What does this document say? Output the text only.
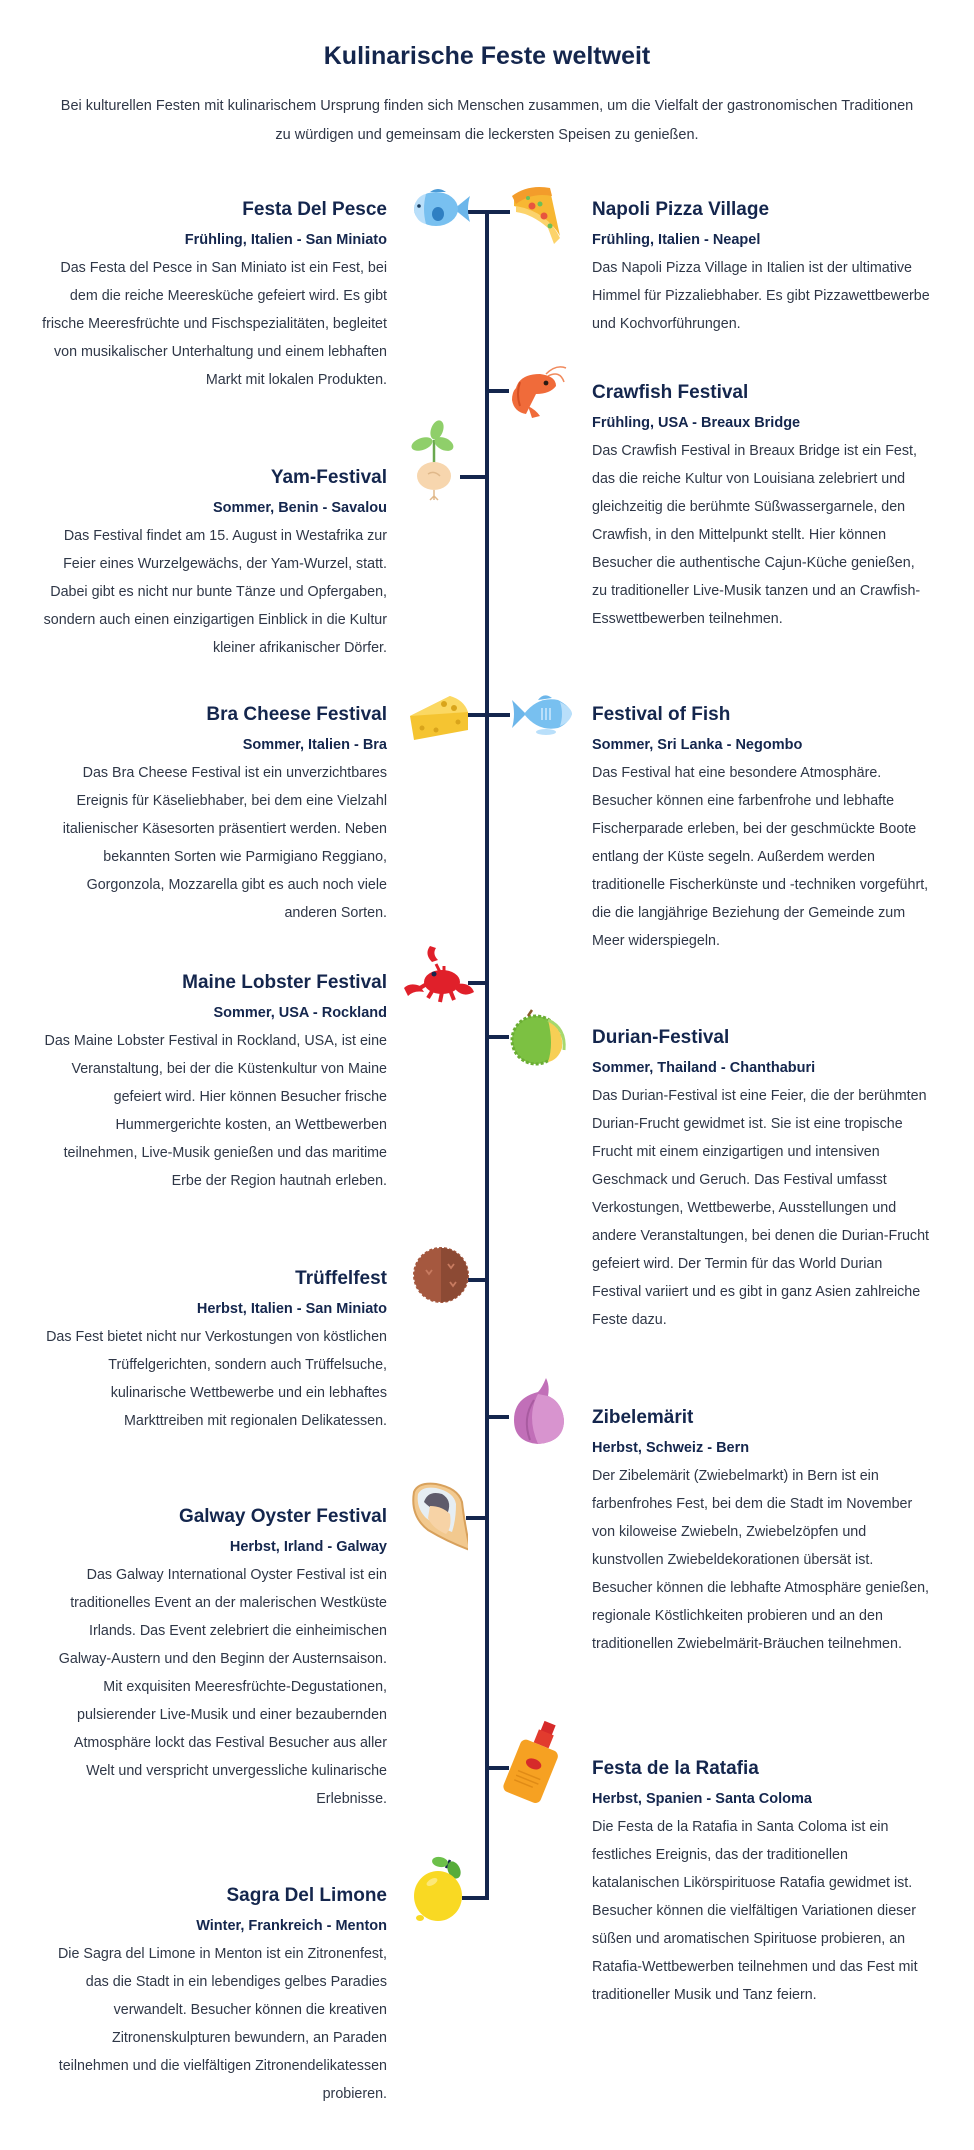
Kulinarische Feste weltweit

Bei kulturellen Festen mit kulinarischem Ursprung finden sich Menschen zusammen, um die Vielfalt der gastronomischen Traditionen zu würdigen und gemeinsam die leckersten Speisen zu genießen.

Festa Del Pesce
Frühling, Italien - San Miniato

Das Festa del Pesce in San Miniato ist ein Fest, bei dem die reiche Meeresküche gefeiert wird. Es gibt frische Meeresfrüchte und Fischspezialitäten, begleitet von musikalischer Unterhaltung und einem lebhaften Markt mit lokalen Produkten.

Napoli Pizza Village
Frühling, Italien - Neapel

Das Napoli Pizza Village in Italien ist der ultimative Himmel für Pizzaliebhaber. Es gibt Pizzawettbewerbe und Kochvorführungen.

Crawfish Festival
Frühling, USA - Breaux Bridge

Das Crawfish Festival in Breaux Bridge ist ein Fest, das die reiche Kultur von Louisiana zelebriert und gleichzeitig die berühmte Süßwassergarnele, den Crawfish, in den Mittelpunkt stellt. Hier können Besucher die authentische Cajun-Küche genießen, zu traditioneller Live-Musik tanzen und an Crawfish-Esswettbewerben teilnehmen.

Yam-Festival
Sommer, Benin - Savalou

Das Festival findet am 15. August in Westafrika zur Feier eines Wurzelgewächs, der Yam-Wurzel, statt. Dabei gibt es nicht nur bunte Tänze und Opfergaben, sondern auch einen einzigartigen Einblick in die Kultur kleiner afrikanischer Dörfer.

Bra Cheese Festival
Sommer, Italien - Bra

Das Bra Cheese Festival ist ein unverzichtbares Ereignis für Käseliebhaber, bei dem eine Vielzahl italienischer Käsesorten präsentiert werden. Neben bekannten Sorten wie Parmigiano Reggiano, Gorgonzola, Mozzarella gibt es auch noch viele anderen Sorten.

Festival of Fish
Sommer, Sri Lanka - Negombo

Das Festival hat eine besondere Atmosphäre. Besucher können eine farbenfrohe und lebhafte Fischerparade erleben, bei der geschmückte Boote entlang der Küste segeln. Außerdem werden traditionelle Fischerkünste und -techniken vorgeführt, die die langjährige Beziehung der Gemeinde zum Meer widerspiegeln.

Maine Lobster Festival
Sommer, USA - Rockland

Das Maine Lobster Festival in Rockland, USA, ist eine Veranstaltung, bei der die Küstenkultur von Maine gefeiert wird. Hier können Besucher frische Hummergerichte kosten, an Wettbewerben teilnehmen, Live-Musik genießen und das maritime Erbe der Region hautnah erleben.

Durian-Festival
Sommer, Thailand - Chanthaburi

Das Durian-Festival ist eine Feier, die der berühmten Durian-Frucht gewidmet ist. Sie ist eine tropische Frucht mit einem einzigartigen und intensiven Geschmack und Geruch. Das Festival umfasst Verkostungen, Wettbewerbe, Ausstellungen und andere Veranstaltungen, bei denen die Durian-Frucht gefeiert wird. Der Termin für das World Durian Festival variiert und es gibt in ganz Asien zahlreiche Feste dazu.

Trüffelfest
Herbst, Italien - San Miniato

Das Fest bietet nicht nur Verkostungen von köstlichen Trüffelgerichten, sondern auch Trüffelsuche, kulinarische Wettbewerbe und ein lebhaftes Markttreiben mit regionalen Delikatessen.	Zibelemärit
Herbst, Schweiz - Bern

Der Zibelemärit (Zwiebelmarkt) in Bern ist ein farbenfrohes Fest, bei dem die Stadt im November von kiloweise Zwiebeln, Zwiebelzöpfen und kunstvollen Zwiebeldekorationen übersät ist. Besucher können die lebhafte Atmosphäre genießen, regionale Köstlichkeiten probieren und an den traditionellen Zwiebelmärit-Bräuchen teilnehmen.

Galway Oyster Festival
Herbst, Irland - Galway

Das Galway International Oyster Festival ist ein traditionelles Event an der malerischen Westküste Irlands. Das Event zelebriert die einheimischen Galway-Austern und den Beginn der Austernsaison. Mit exquisiten Meeresfrüchte-Degustationen, pulsierender Live-Musik und einer bezaubernden Atmosphäre lockt das Festival Besucher aus aller Welt und verspricht unvergessliche kulinarische Erlebnisse.

Festa de la Ratafia
Herbst, Spanien - Santa Coloma

Die Festa de la Ratafia in Santa Coloma ist ein festliches Ereignis, das der traditionellen katalanischen Likörspirituose Ratafia gewidmet ist. Besucher können die vielfältigen Variationen dieser süßen und aromatischen Spirituose probieren, an Ratafia-Wettbewerben teilnehmen und das Fest mit traditioneller Musik und Tanz feiern.

Sagra Del Limone
Winter, Frankreich - Menton

Die Sagra del Limone in Menton ist ein Zitronenfest, das die Stadt in ein lebendiges gelbes Paradies verwandelt. Besucher können die kreativen Zitronenskulpturen bewundern, an Paraden teilnehmen und die vielfältigen Zitronendelikatessen probieren.
